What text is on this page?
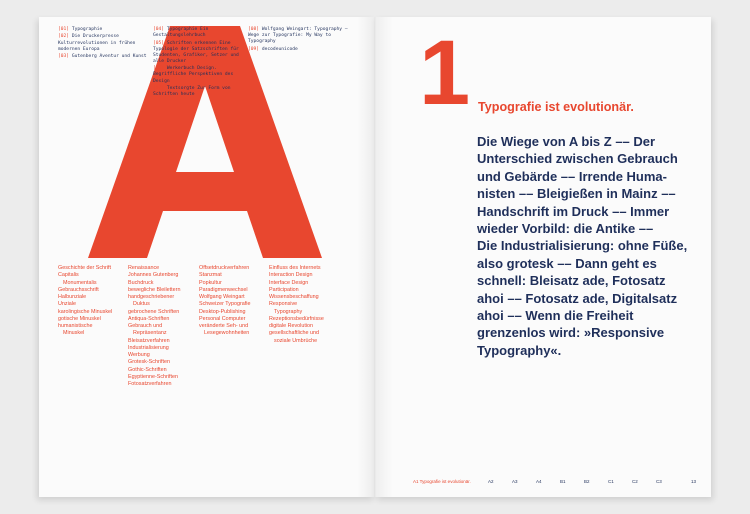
[01] Typographie
[02] Die Druckerpresse Kulturrevolutionen in frühen modernen Europa
[03] Gutenberg Aventur und Kunst
[04] Typographie Ein Gestaltungslehrbuch
[05] Schriften erkennen Eine Typologie der Satzschriften für Studenten, Grafiker, Setzer und alle Drucker
[06] Werkerbuch Design. Begriffliche Perspektiven des Design
[07] Textsorgte Zur Form von Schriften heute
[08] Wolfgang Weingart: Typography – Wege zur Typografie: My Way to Typography
[09] decodeunicode
Geschichte der Schrift
Capitalis
Monumentalis
Gebrauchsschrift
Halbunziale
Unziale
karolingische Minuskel
gotische Minuskel
humanistische
Minuskel
Renaissance
Johannes Gutenberg
Buchdruck
bewegliche Bleilettern
handgeschriebener
Duktus
gebrochene Schriften
Antiqua-Schriften
Gebrauch und
Repräsentanz
Bleisatzverfahren
Industrialisierung
Werbung
Grotesk-Schriften
Gothic-Schriften
Egyptienne-Schriften
Fotosatzverfahren
Offsetdruckverfahren
Stanzmat
Popkultur
Paradigmenwechsel
Wolfgang Weingart
Schweizer Typografie
Desktop-Publishing
Personal Computer
veränderte Seh- und
Lesegewohnheiten
Einfluss des Internets
Interaction Design
Interface Design
Participation
Wissensbeschaffung
Responsive
Typography
Rezeptionsbedürfnisse
digitale Revolution
gesellschaftliche und
soziale Umbrüche
1 Typografie ist evolutionär.
Die Wiege von A bis Z –– Der
Unterschied zwischen Gebrauch
und Gebärde –– Irrende Huma-
nisten –– Bleigießen in Mainz ––
Handschrift im Druck –– Immer
wieder Vorbild: die Antike ––
Die Industrialisierung: ohne Füße,
also grotesk –– Dann geht es
schnell: Bleisatz ade, Fotosatz
ahoi –– Fotosatz ade, Digitalsatz
ahoi –– Wenn die Freiheit
grenzenlos wird: »Responsive
Typography«.
A1 Typografie ist evolutionär.	A2	A3	A4	B1	B2	C1	C2	C3	13
